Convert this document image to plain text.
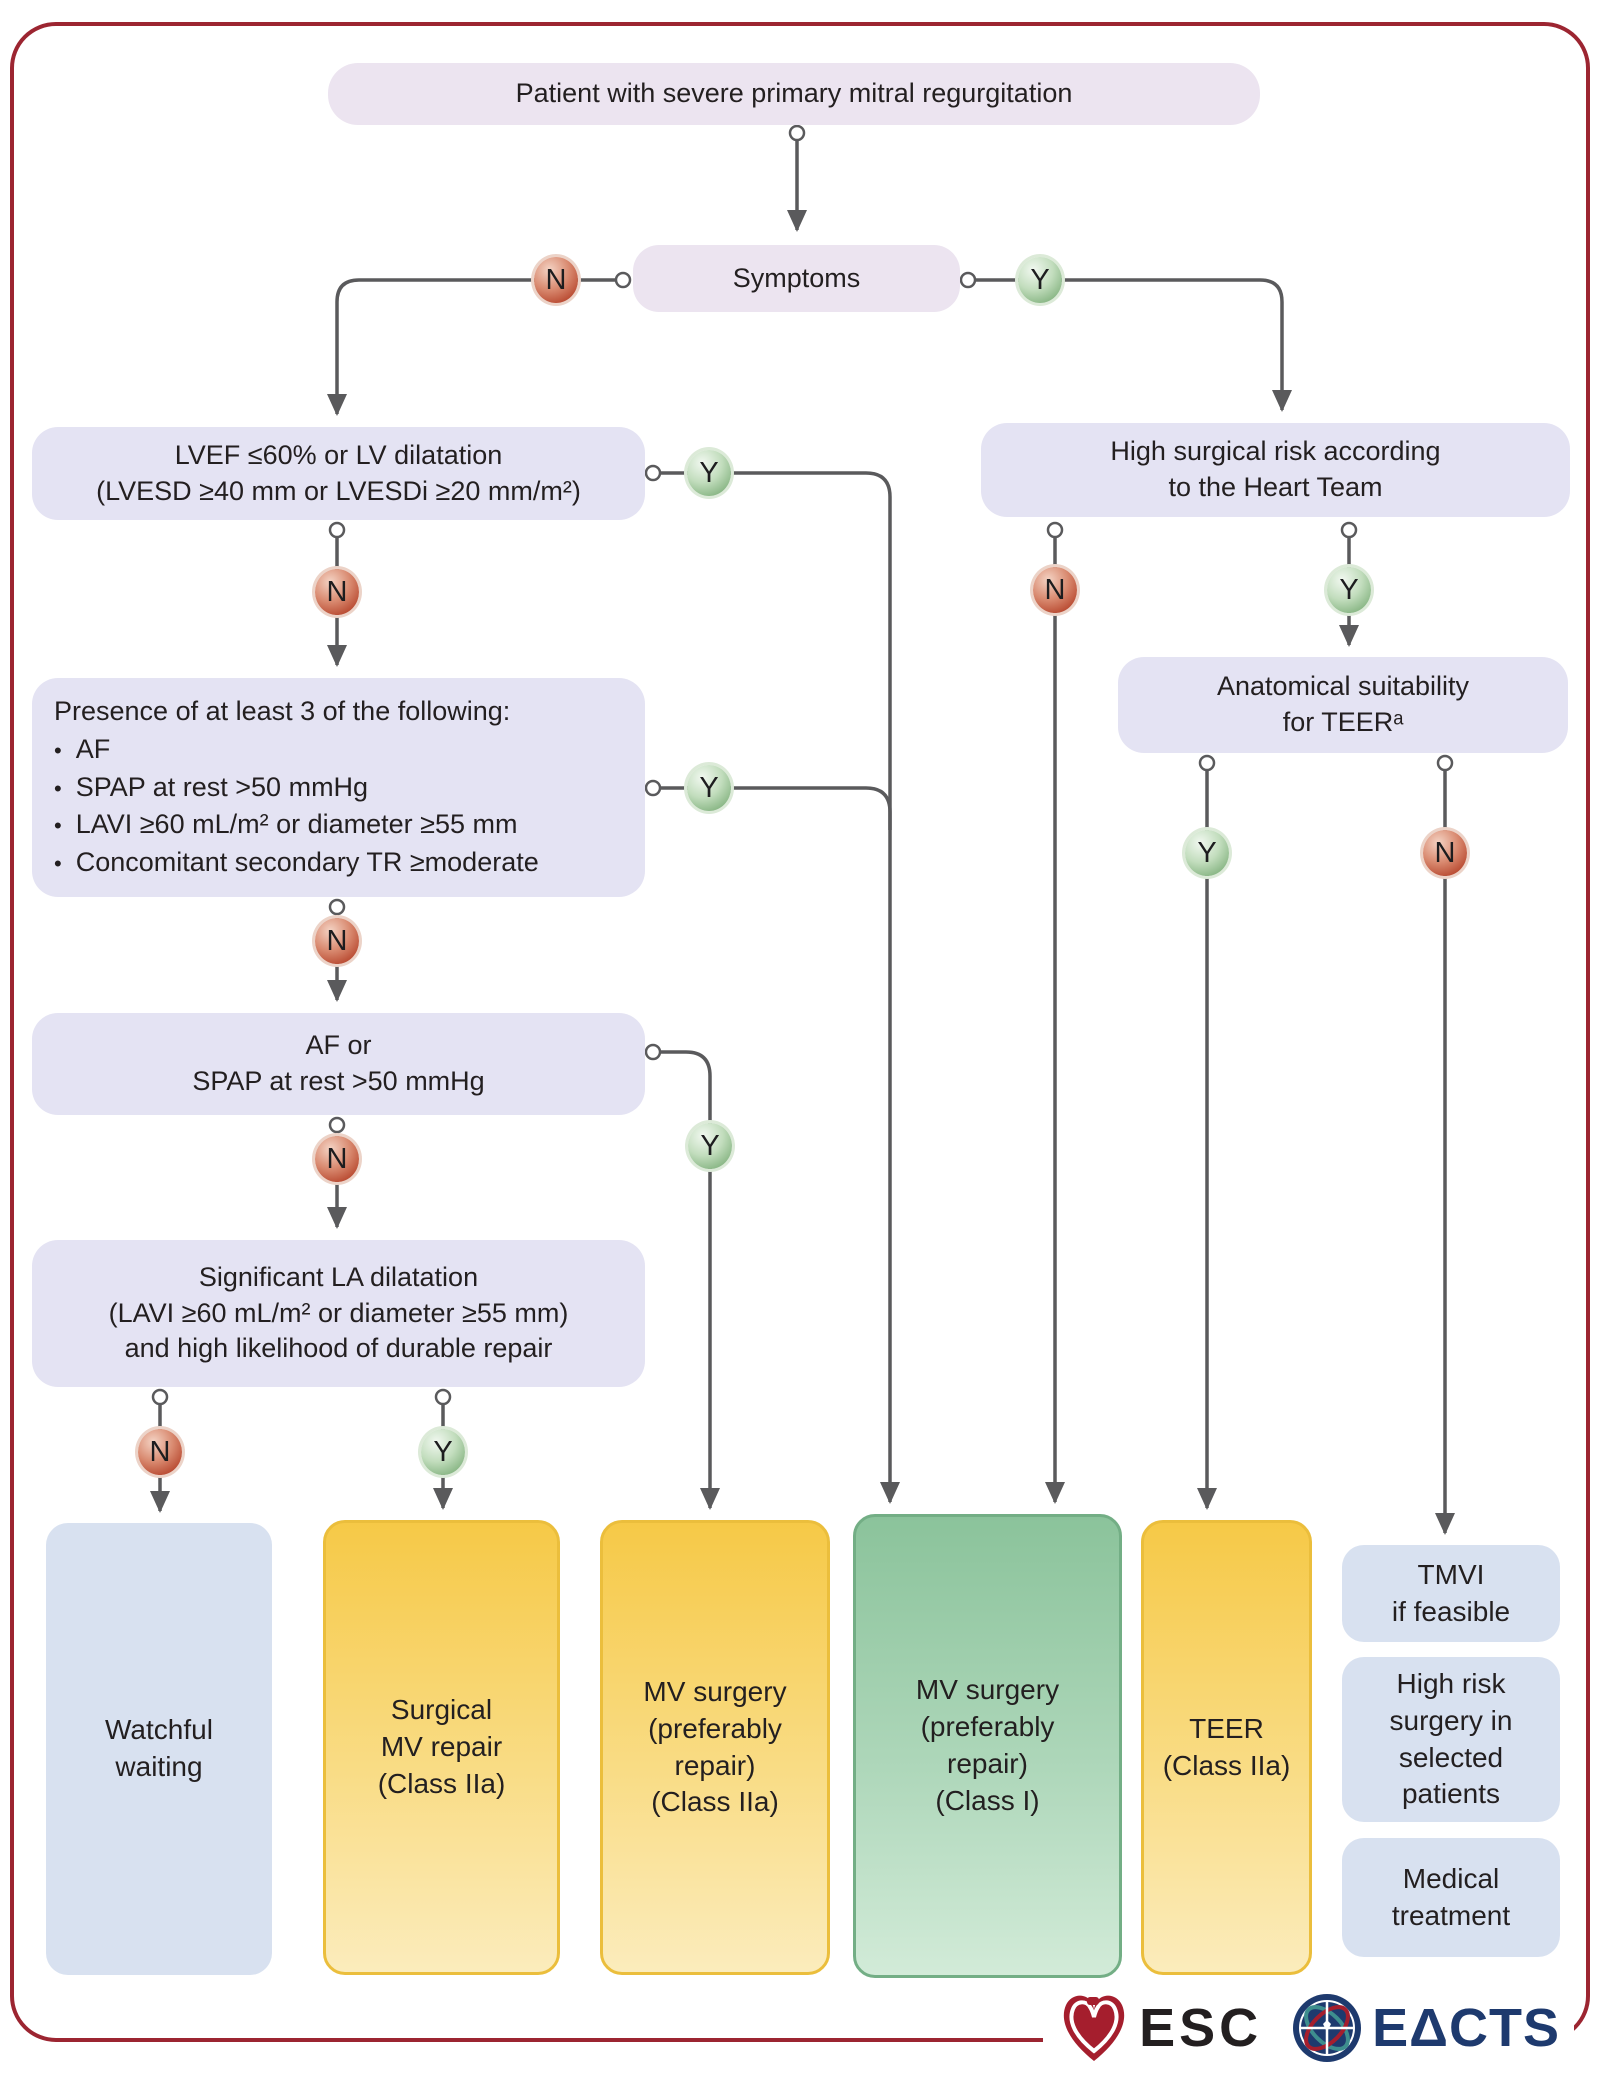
Patient with severe primary mitral regurgitation
Symptoms
LVEF ≤60% or LV dilatation
(LVESD ≥40 mm or LVESDi ≥20 mm/m²)
Presence of at least 3 of the following:
• AF
• SPAP at rest >50 mmHg
• LAVI ≥60 mL/m² or diameter ≥55 mm
• Concomitant secondary TR ≥moderate
AF or
SPAP at rest >50 mmHg
Significant LA dilatation
(LAVI ≥60 mL/m² or diameter ≥55 mm)
and high likelihood of durable repair
High surgical risk according
to the Heart Team
Anatomical suitability
for TEERᵃ
N	Y
Y
N
Y
N
Y
N
N	Y
N	Y
Y	N
Watchful
waiting
Surgical
MV repair
(Class IIa)
MV surgery
(preferably
repair)
(Class IIa)
MV surgery
(preferably
repair)
(Class I)
TEER
(Class IIa)
TMVI
if feasible
High risk
surgery in
selected
patients
Medical
treatment
ESC EΔCTS
